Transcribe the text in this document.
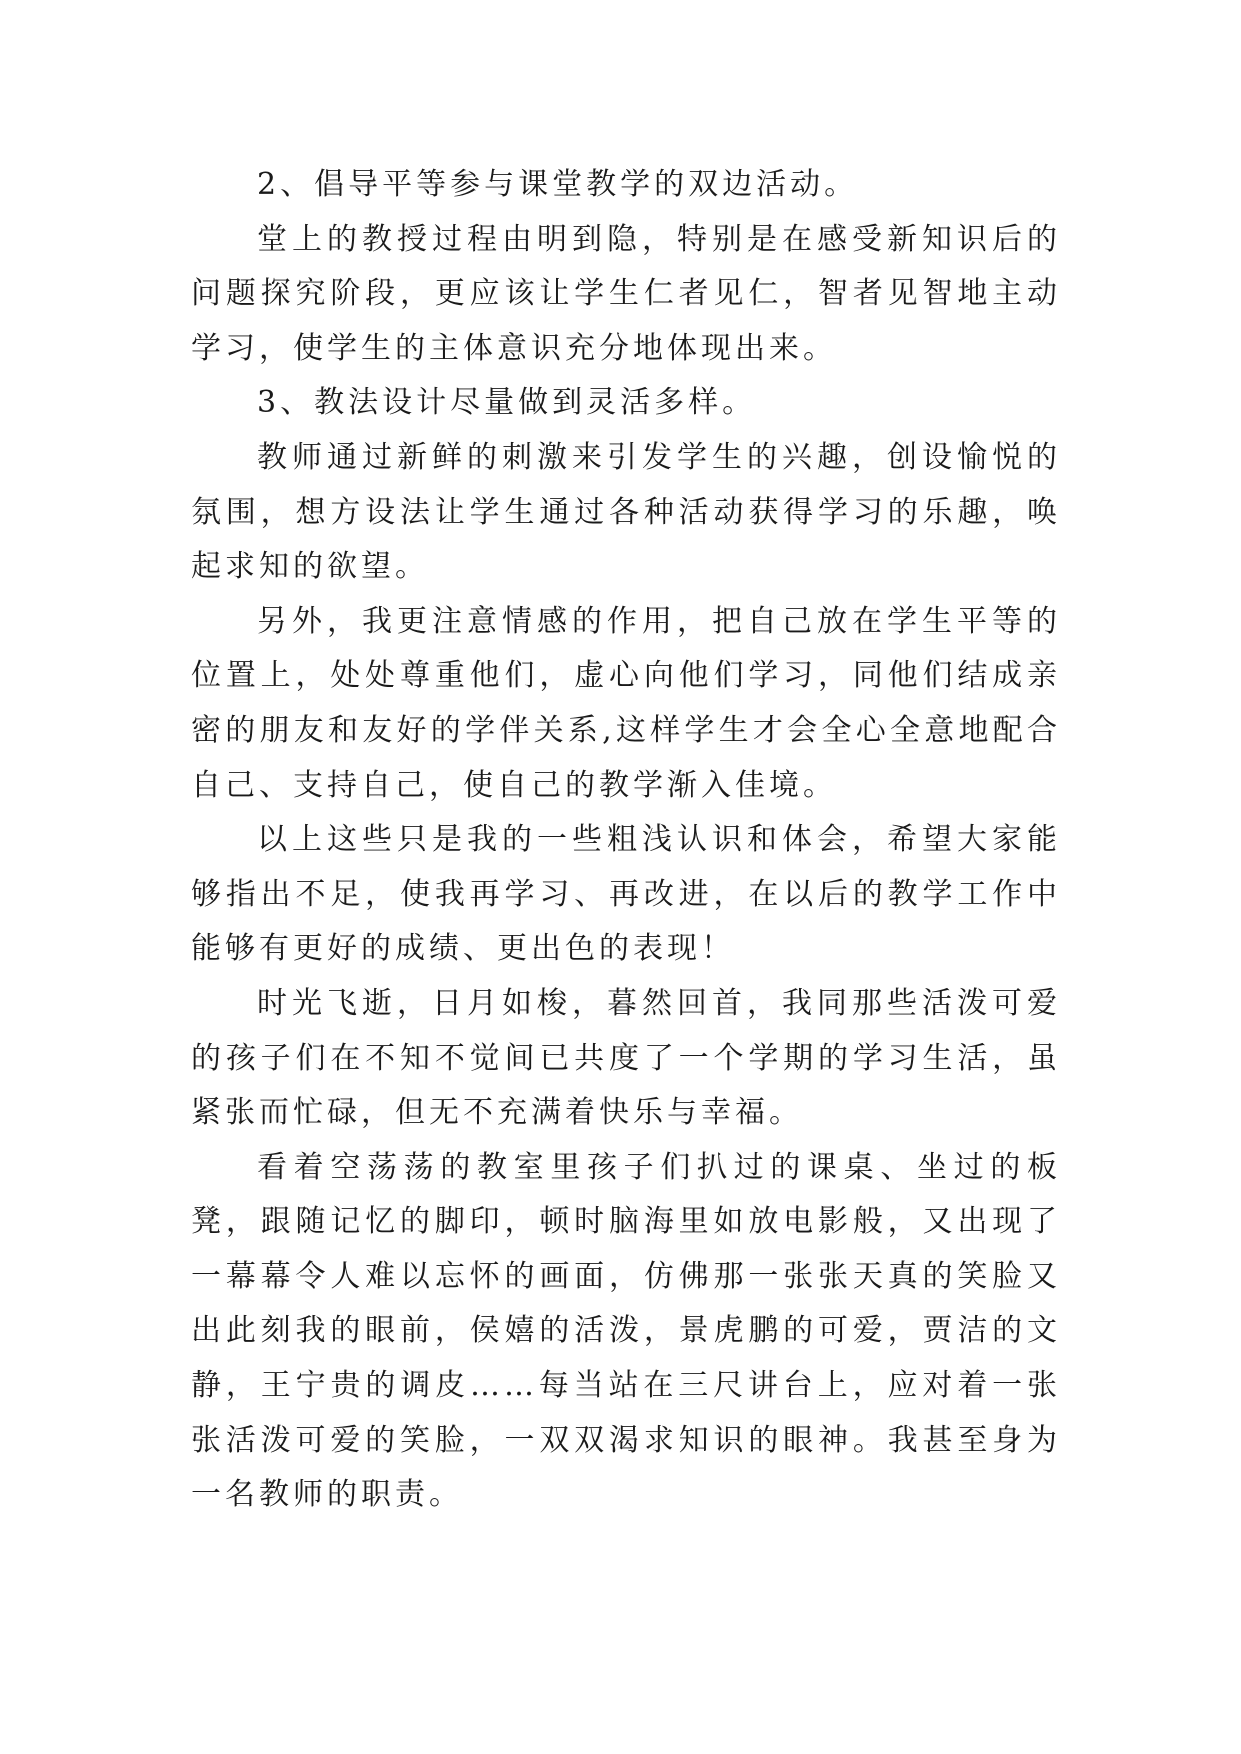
2、倡导平等参与课堂教学的双边活动。

堂上的教授过程由明到隐，特别是在感受新知识后的问题探究阶段，更应该让学生仁者见仁，智者见智地主动学习，使学生的主体意识充分地体现出来。

3、教法设计尽量做到灵活多样。

教师通过新鲜的刺激来引发学生的兴趣，创设愉悦的氛围，想方设法让学生通过各种活动获得学习的乐趣，唤起求知的欲望。

另外，我更注意情感的作用，把自己放在学生平等的位置上，处处尊重他们，虚心向他们学习，同他们结成亲密的朋友和友好的学伴关系,这样学生才会全心全意地配合自己、支持自己，使自己的教学渐入佳境。

以上这些只是我的一些粗浅认识和体会，希望大家能够指出不足，使我再学习、再改进，在以后的教学工作中能够有更好的成绩、更出色的表现！

时光飞逝，日月如梭，暮然回首，我同那些活泼可爱的孩子们在不知不觉间已共度了一个学期的学习生活，虽紧张而忙碌，但无不充满着快乐与幸福。

看着空荡荡的教室里孩子们扒过的课桌、坐过的板凳，跟随记忆的脚印，顿时脑海里如放电影般，又出现了一幕幕令人难以忘怀的画面，仿佛那一张张天真的笑脸又出此刻我的眼前，侯嬉的活泼，景虎鹏的可爱，贾洁的文静，王宁贵的调皮……每当站在三尺讲台上，应对着一张张活泼可爱的笑脸，一双双渴求知识的眼神。我甚至身为一名教师的职责。
